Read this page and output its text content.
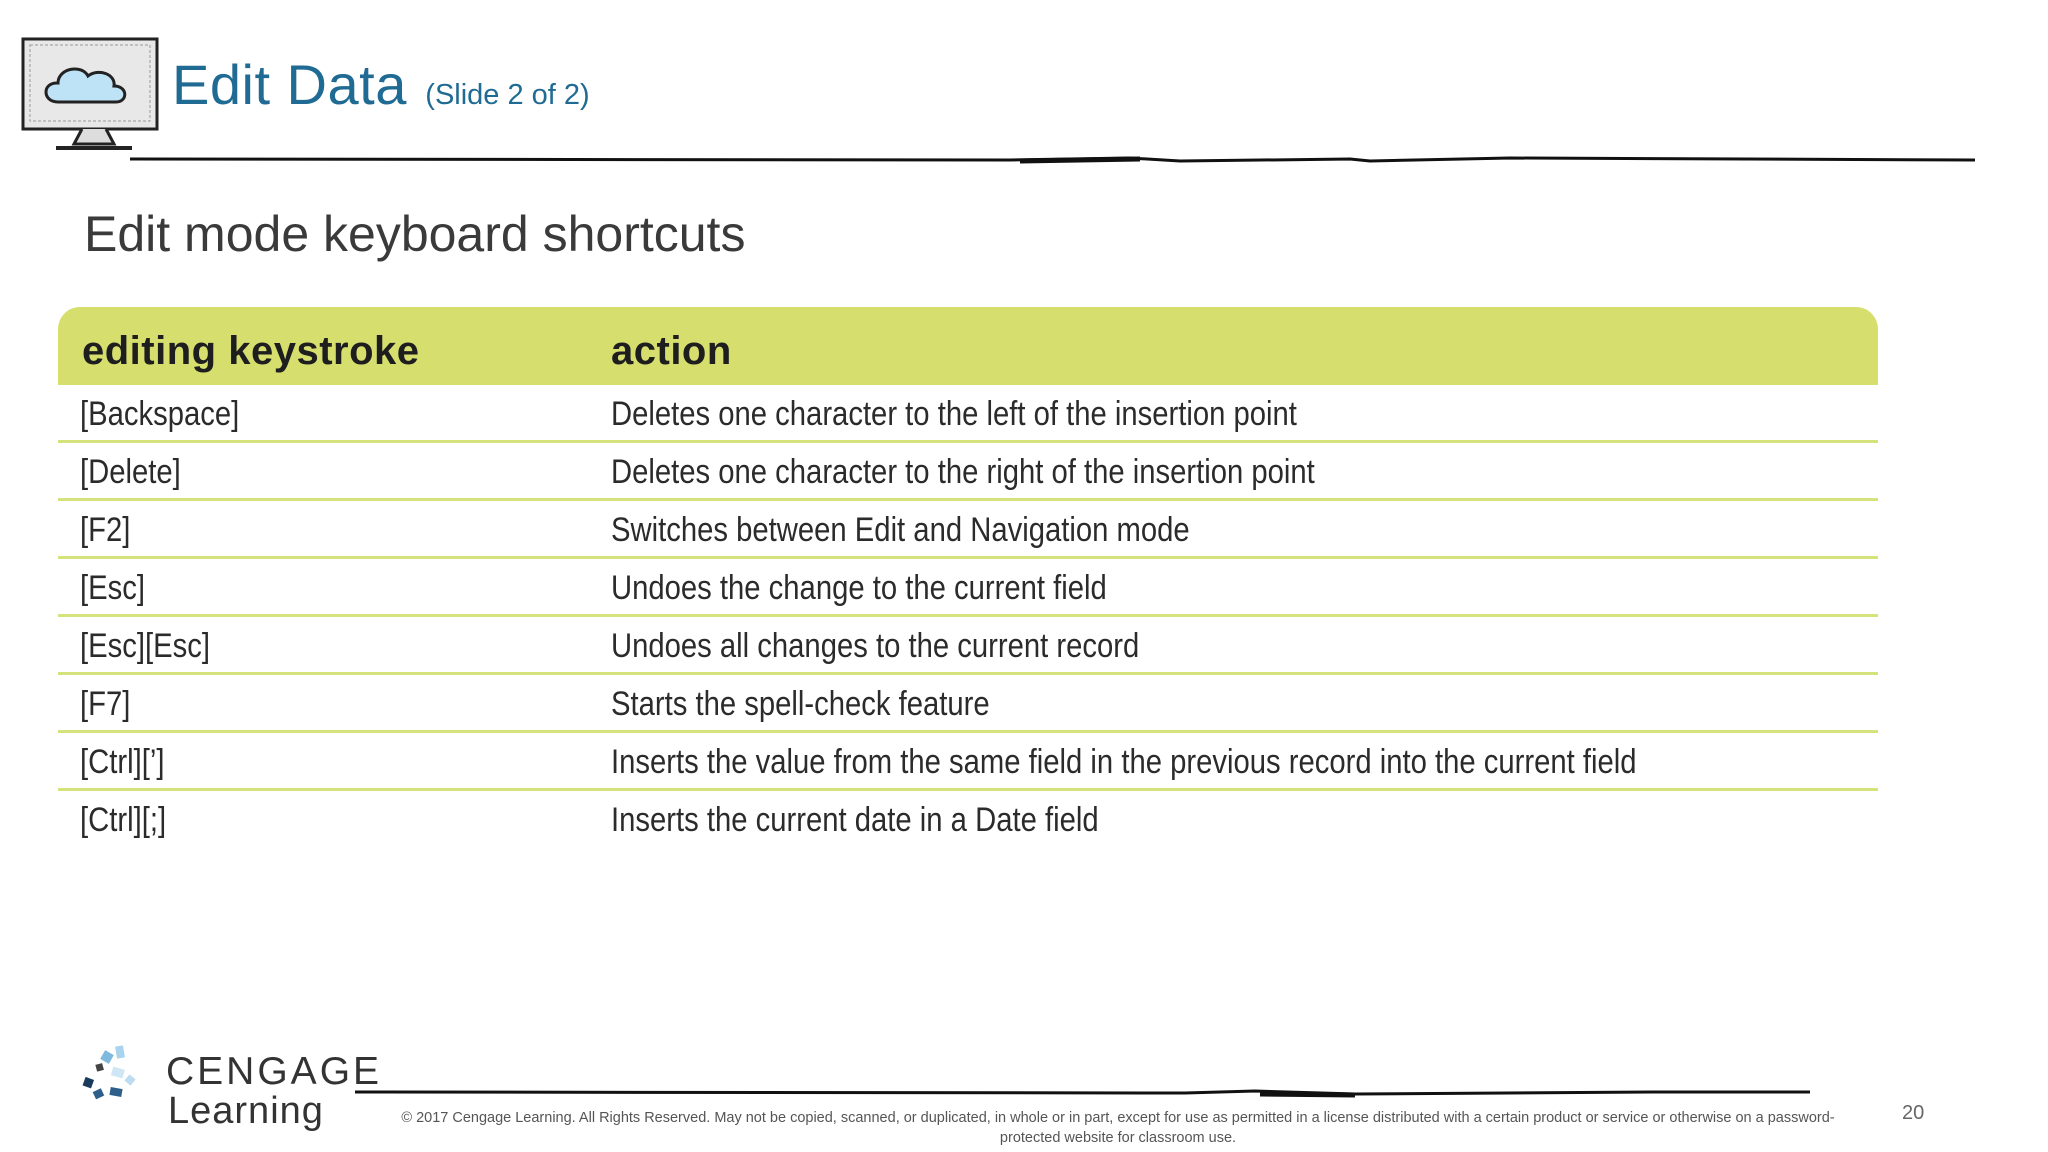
Edit Data (Slide 2 of 2)
Edit mode keyboard shortcuts
editing keystroke	action
[Backspace]	Deletes one character to the left of the insertion point
[Delete]	Deletes one character to the right of the insertion point
[F2]	Switches between Edit and Navigation mode
[Esc]	Undoes the change to the current field
[Esc][Esc]	Undoes all changes to the current record
[F7]	Starts the spell-check feature
[Ctrl][’]	Inserts the value from the same field in the previous record into the current field
[Ctrl][;]	Inserts the current date in a Date field
CENGAGE
Learning	© 2017 Cengage Learning. All Rights Reserved. May not be copied, scanned, or duplicated, in whole or in part, except for use as permitted in a license distributed with a certain product or service or otherwise on a password-protected website for classroom use.
20
